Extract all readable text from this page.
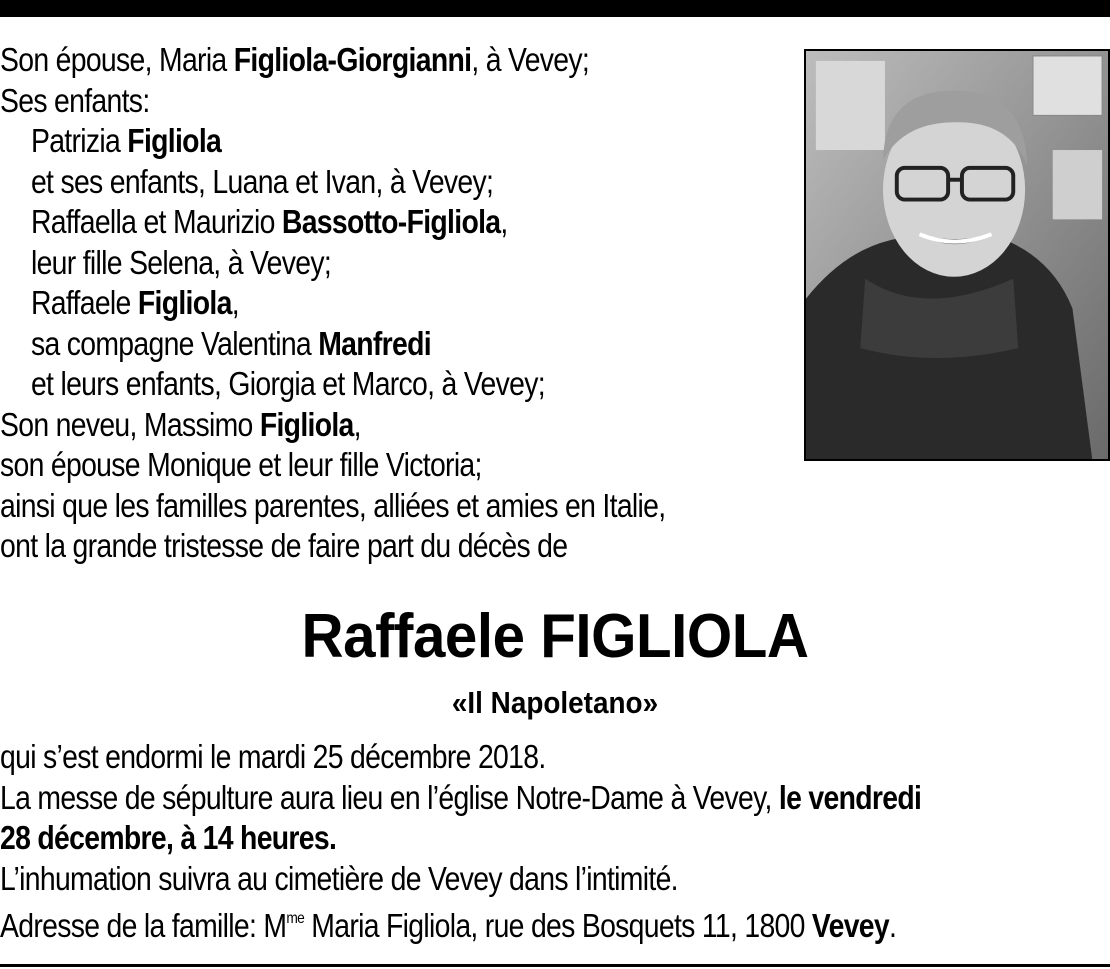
Son épouse, Maria Figliola-Giorgianni, à Vevey;
Ses enfants:
Patrizia Figliola
et ses enfants, Luana et Ivan, à Vevey;
Raffaella et Maurizio Bassotto-Figliola,
leur fille Selena, à Vevey;
Raffaele Figliola,
sa compagne Valentina Manfredi
et leurs enfants, Giorgia et Marco, à Vevey;
Son neveu, Massimo Figliola,
son épouse Monique et leur fille Victoria;
ainsi que les familles parentes, alliées et amies en Italie,
ont la grande tristesse de faire part du décès de
Raffaele FIGLIOLA
«Il Napoletano»
qui s’est endormi le mardi 25 décembre 2018.
La messe de sépulture aura lieu en l’église Notre-Dame à Vevey, le vendredi
28 décembre, à 14 heures.
L’inhumation suivra au cimetière de Vevey dans l’intimité.
Adresse de la famille: $M^{me}$ Maria Figliola, rue des Bosquets 11, 1800 Vevey.
